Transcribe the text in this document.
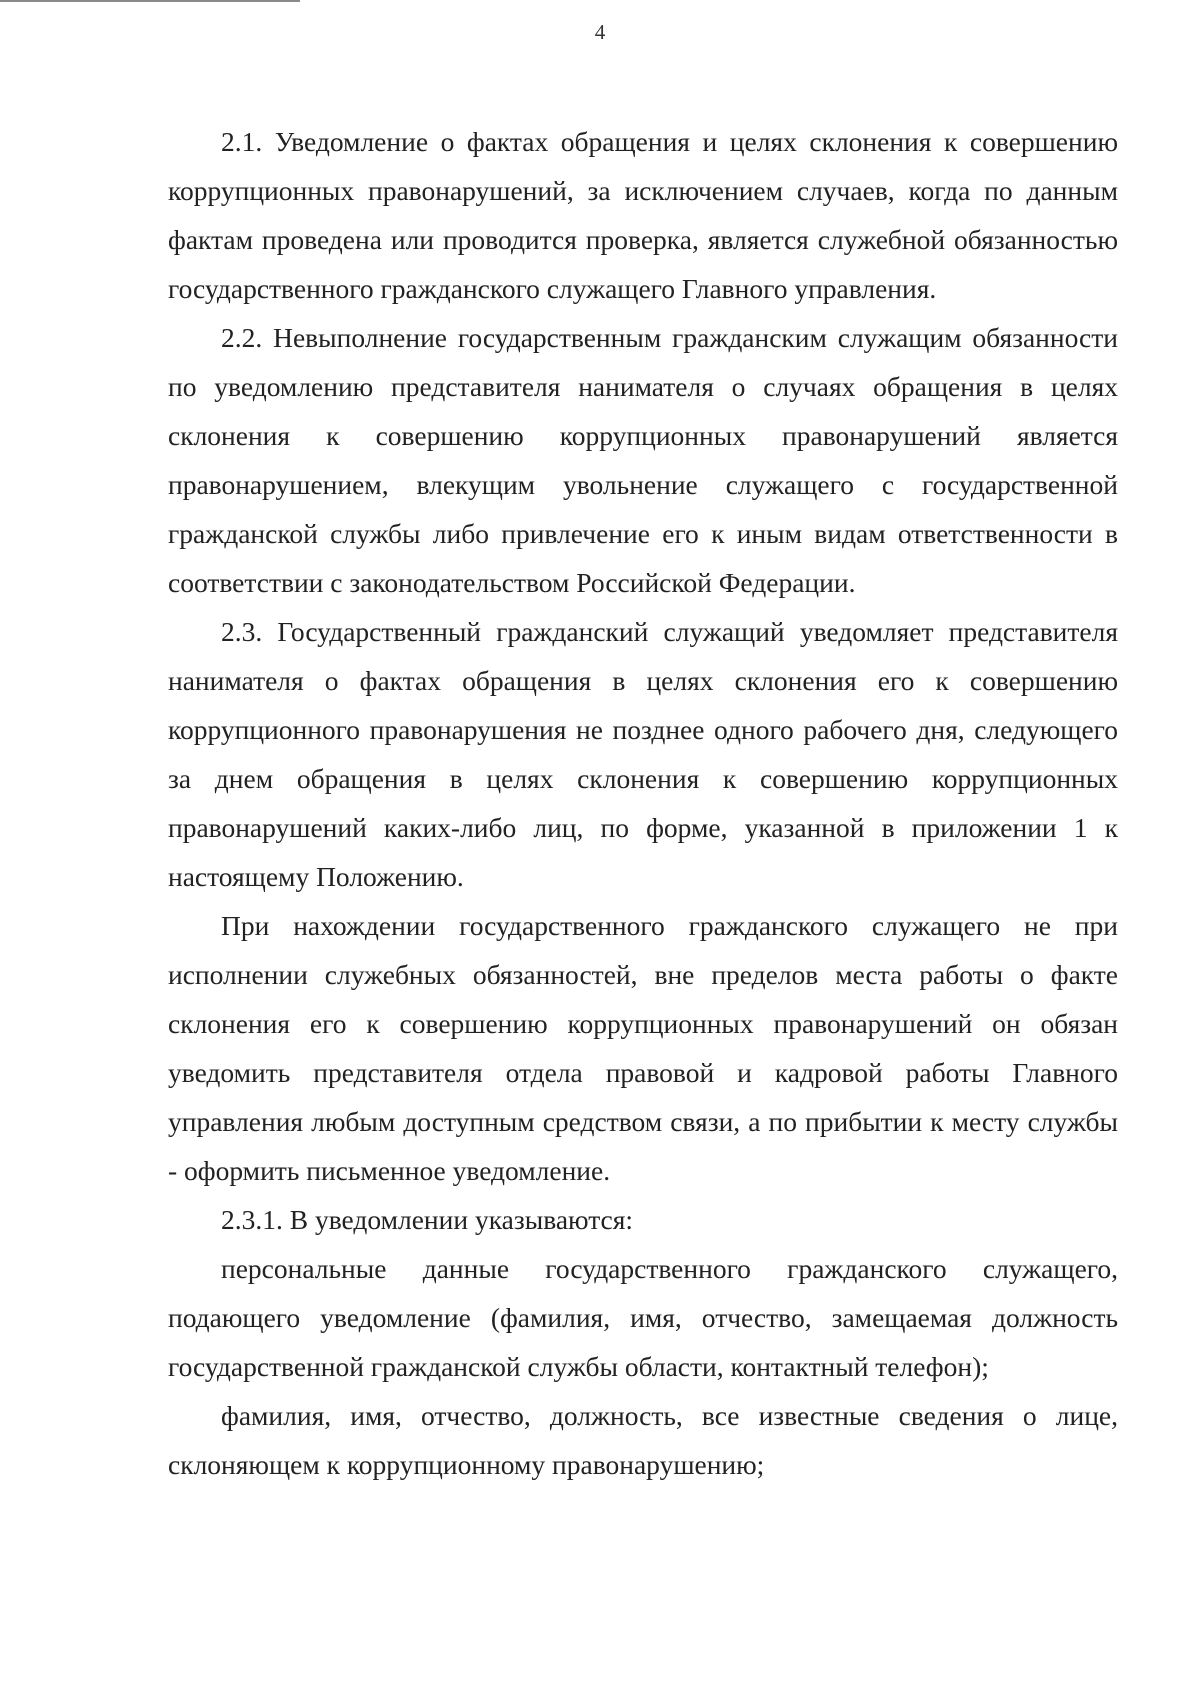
4

2.1. Уведомление о фактах обращения и целях склонения к совершению коррупционных правонарушений, за исключением случаев, когда по данным фактам проведена или проводится проверка, является служебной обязанностью государственного гражданского служащего Главного управления.

2.2. Невыполнение государственным гражданским служащим обязанности по уведомлению представителя нанимателя о случаях обращения в целях склонения к совершению коррупционных правонарушений является правонарушением, влекущим увольнение служащего с государственной гражданской службы либо привлечение его к иным видам ответственности в соответствии с законодательством Российской Федерации.

2.3. Государственный гражданский служащий уведомляет представителя нанимателя о фактах обращения в целях склонения его к совершению коррупционного правонарушения не позднее одного рабочего дня, следующего за днем обращения в целях склонения к совершению коррупционных правонарушений каких-либо лиц, по форме, указанной в приложении 1 к настоящему Положению.

При нахождении государственного гражданского служащего не при исполнении служебных обязанностей, вне пределов места работы о факте склонения его к совершению коррупционных правонарушений он обязан уведомить представителя отдела правовой и кадровой работы Главного управления любым доступным средством связи, а по прибытии к месту службы - оформить письменное уведомление.

2.3.1. В уведомлении указываются:

персональные данные государственного гражданского служащего, подающего уведомление (фамилия, имя, отчество, замещаемая должность государственной гражданской службы области, контактный телефон);

фамилия, имя, отчество, должность, все известные сведения о лице, склоняющем к коррупционному правонарушению;
